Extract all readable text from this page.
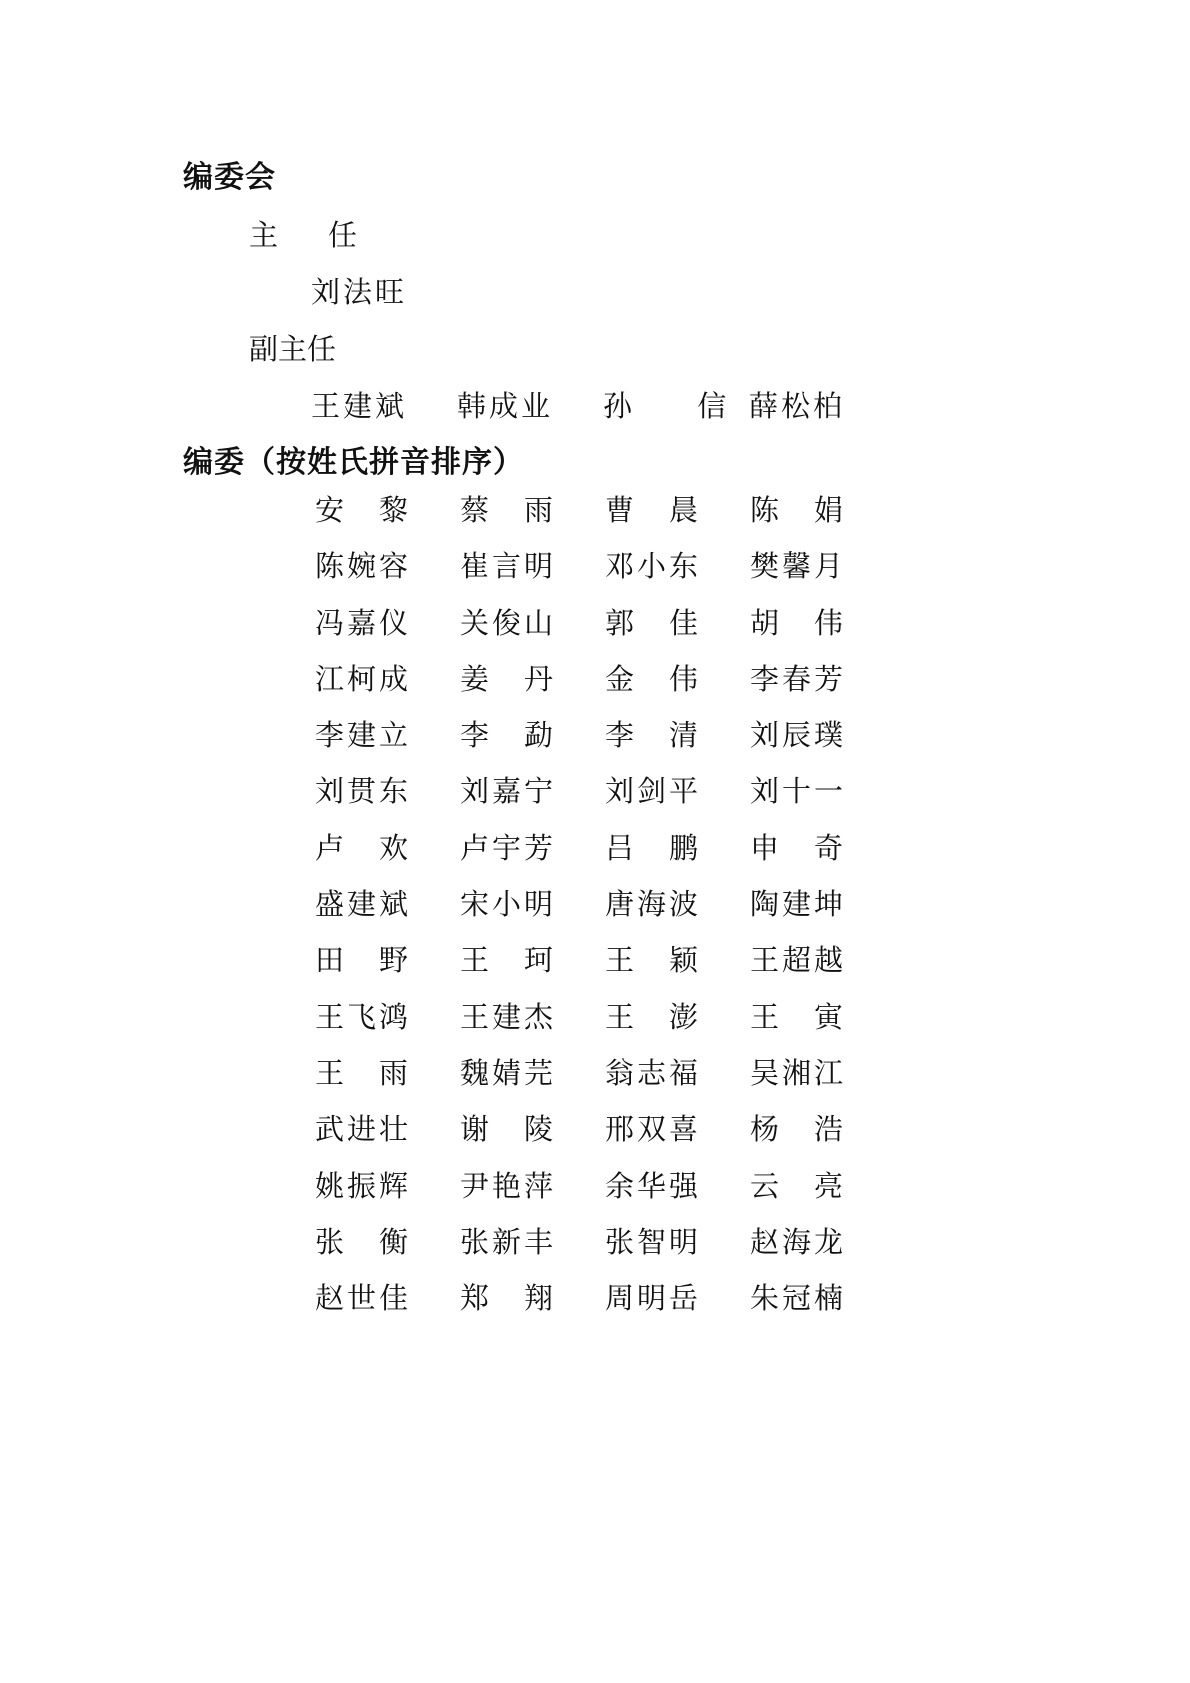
编委会
主任
刘法旺
副主任
王建斌 韩成业 孙 信
薛松柏
编委（按姓氏拼音排序）
安 黎 蔡 雨 曹 晨 陈 娟
陈婉容 崔言明 邓小东 樊馨月
冯嘉仪 关俊山 郭 佳 胡 伟
江柯成 姜 丹 金 伟 李春芳
李建立 李 勐 李 清 刘辰璞
刘贯东 刘嘉宁 刘剑平 刘十一
卢 欢 卢宇芳 吕 鹏 申 奇
盛建斌 宋小明 唐海波 陶建坤
田 野 王 珂 王 颖 王超越
王飞鸿 王建杰 王 澎 王 寅
王 雨 魏婧芫 翁志福 吴湘江
武进壮 谢 陵 邢双喜 杨 浩
姚振辉 尹艳萍 余华强 云 亮
张 衡 张新丰 张智明 赵海龙
赵世佳 郑 翔 周明岳 朱冠楠
